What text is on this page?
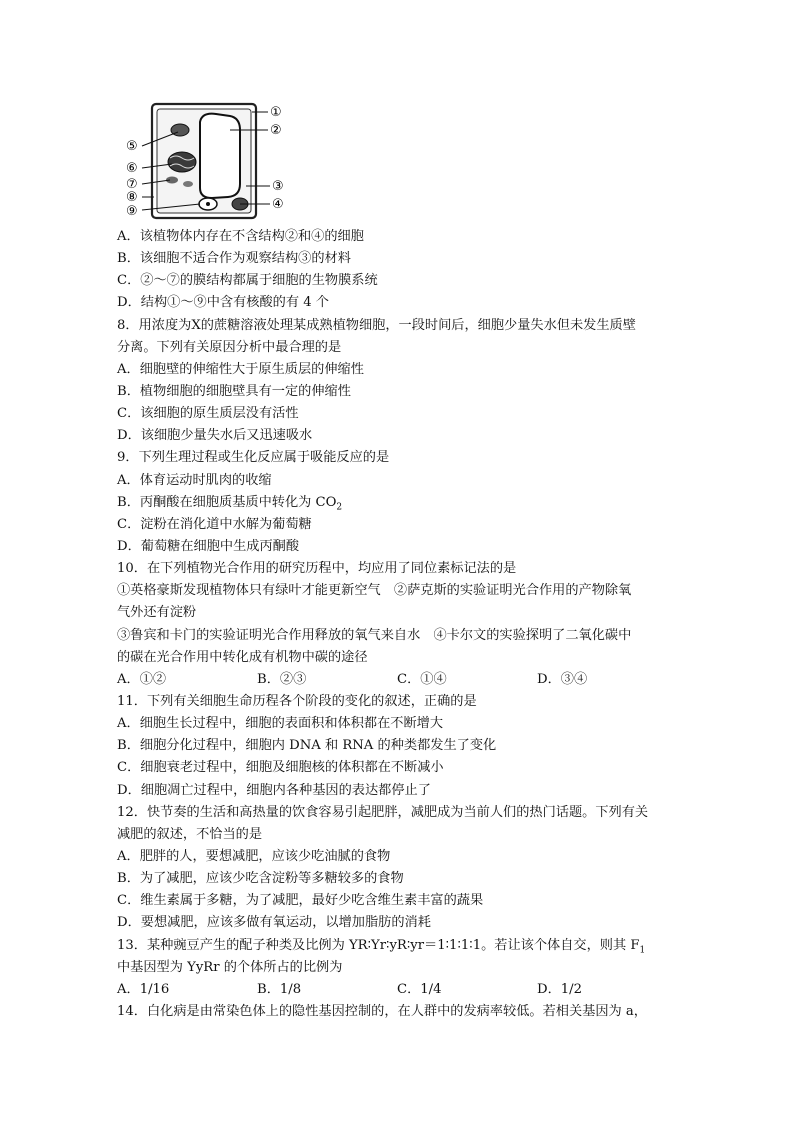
①
②
③
④
⑤
⑥
⑦
⑧
⑨
A．该植物体内存在不含结构②和④的细胞
B．该细胞不适合作为观察结构③的材料
C．②～⑦的膜结构都属于细胞的生物膜系统
D．结构①～⑨中含有核酸的有 4 个
8．用浓度为X的蔗糖溶液处理某成熟植物细胞，一段时间后，细胞少量失水但未发生质壁
分离。下列有关原因分析中最合理的是
A．细胞壁的伸缩性大于原生质层的伸缩性
B．植物细胞的细胞壁具有一定的伸缩性
C．该细胞的原生质层没有活性
D．该细胞少量失水后又迅速吸水
9．下列生理过程或生化反应属于吸能反应的是
A．体育运动时肌肉的收缩
B．丙酮酸在细胞质基质中转化为 $CO_2$
C．淀粉在消化道中水解为葡萄糖
D．葡萄糖在细胞中生成丙酮酸
10．在下列植物光合作用的研究历程中，均应用了同位素标记法的是
①英格豪斯发现植物体只有绿叶才能更新空气　②萨克斯的实验证明光合作用的产物除氧
气外还有淀粉
③鲁宾和卡门的实验证明光合作用释放的氧气来自水　④卡尔文的实验探明了二氧化碳中
的碳在光合作用中转化成有机物中碳的途径
A．①②	B．②③	C．①④	D．③④
11．下列有关细胞生命历程各个阶段的变化的叙述，正确的是
A．细胞生长过程中，细胞的表面积和体积都在不断增大
B．细胞分化过程中，细胞内 DNA 和 RNA 的种类都发生了变化
C．细胞衰老过程中，细胞及细胞核的体积都在不断减小
D．细胞凋亡过程中，细胞内各种基因的表达都停止了
12．快节奏的生活和高热量的饮食容易引起肥胖，减肥成为当前人们的热门话题。下列有关
减肥的叙述，不恰当的是
A．肥胖的人，要想减肥，应该少吃油腻的食物
B．为了减肥，应该少吃含淀粉等多糖较多的食物
C．维生素属于多糖，为了减肥，最好少吃含维生素丰富的蔬果
D．要想减肥，应该多做有氧运动，以增加脂肪的消耗
13．某种豌豆产生的配子种类及比例为 YR∶Yr∶yR∶yr＝1∶1∶1∶1。若让该个体自交，则其 $F_1$
中基因型为 YyRr 的个体所占的比例为
A．1/16	B．1/8	C．1/4	D．1/2
14．白化病是由常染色体上的隐性基因控制的，在人群中的发病率较低。若相关基因为 a，
